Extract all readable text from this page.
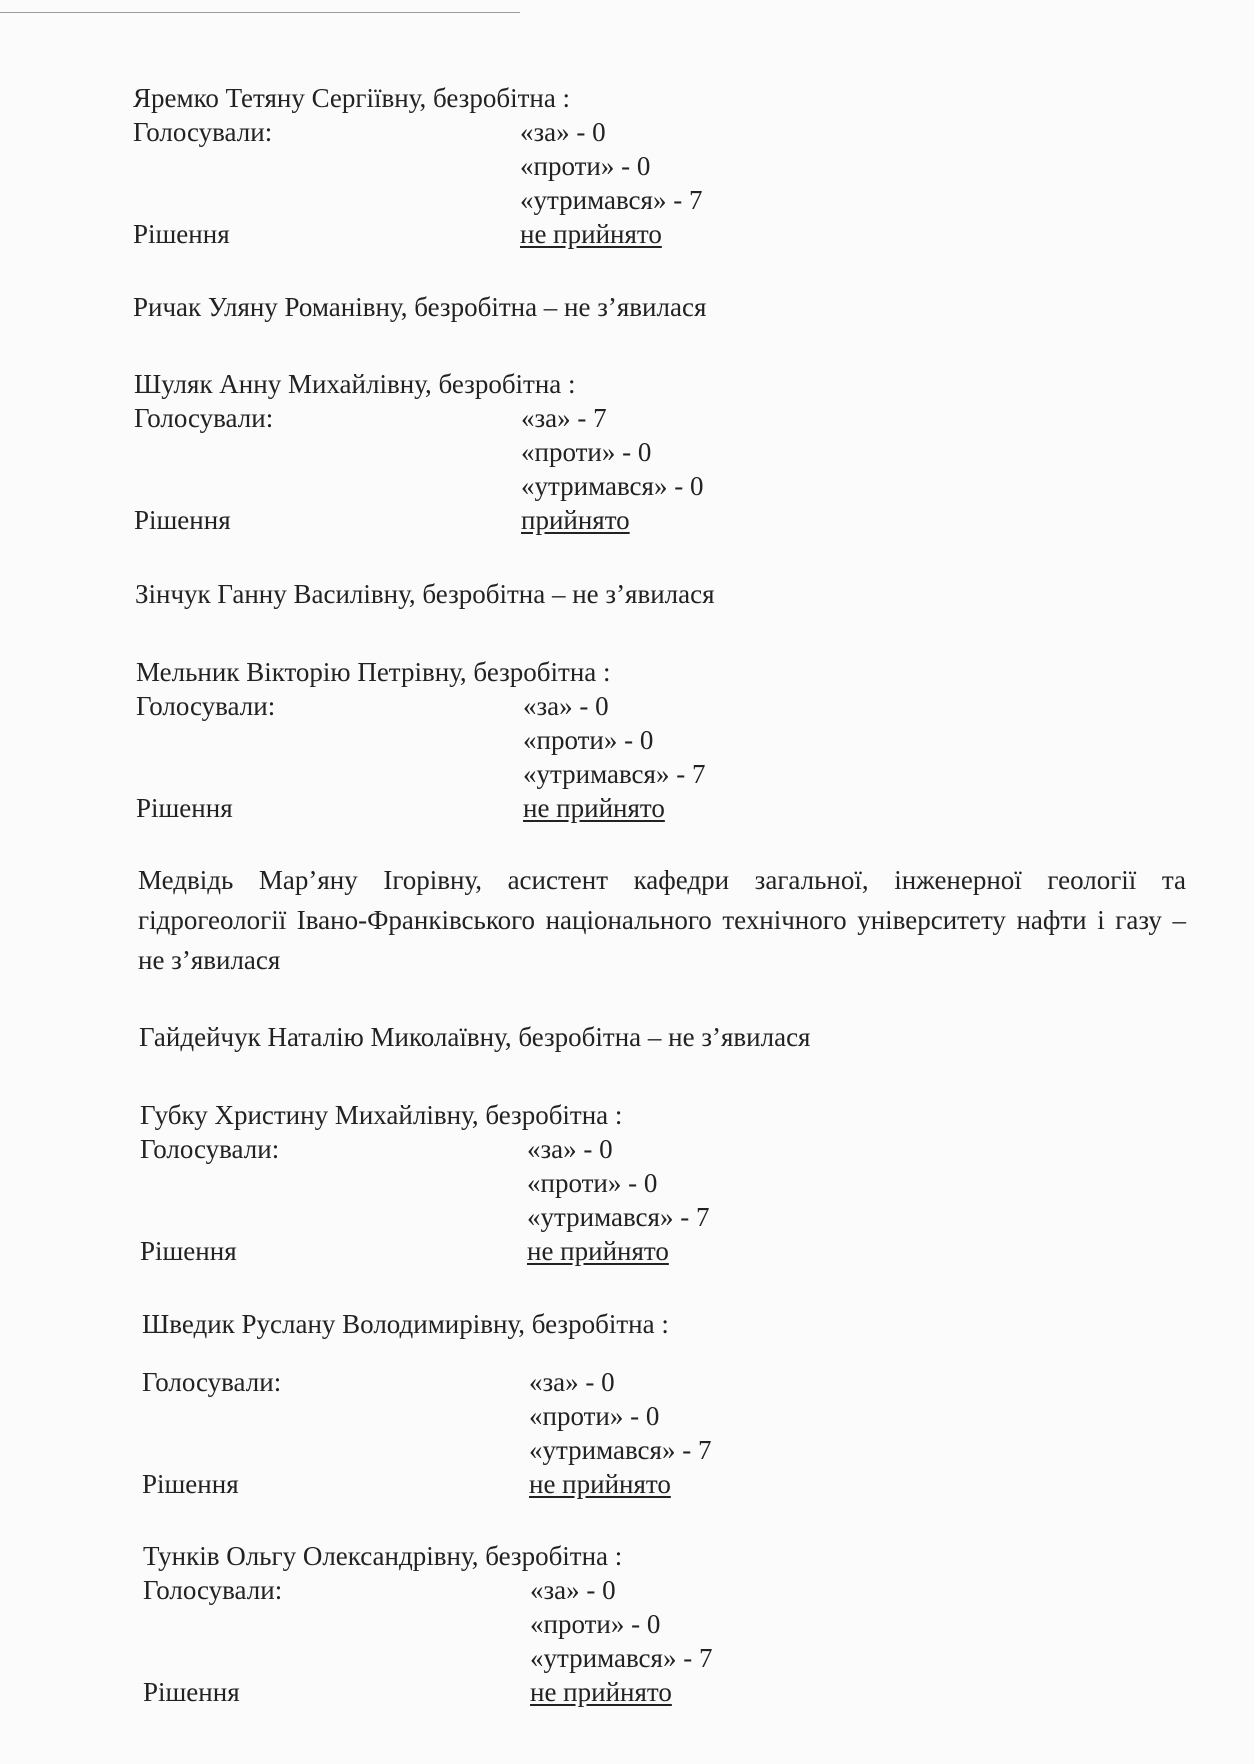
Яремко Тетяну Сергіївну, безробітна :
Голосували:	«за» - 0
«проти» - 0
«утримався» - 7
Рішення	не прийнято
Ричак Уляну Романівну, безробітна – не з’явилася
Шуляк Анну Михайлівну, безробітна :
Голосували:	«за» - 7
«проти» - 0
«утримався» - 0
Рішення	прийнято
Зінчук Ганну Василівну, безробітна – не з’явилася
Мельник Вікторію Петрівну, безробітна :
Голосували:	«за» - 0
«проти» - 0
«утримався» - 7
Рішення	не прийнято
Медвідь Мар’яну Ігорівну, асистент кафедри загальної, інженерної геології та гідрогеології Івано-Франківського національного технічного університету нафти і газу – не з’явилася
Гайдейчук Наталію Миколаївну, безробітна – не з’явилася
Губку Христину Михайлівну, безробітна :
Голосували:	«за» - 0
«проти» - 0
«утримався» - 7
Рішення	не прийнято
Шведик Руслану Володимирівну, безробітна :
Голосували:	«за» - 0
«проти» - 0
«утримався» - 7
Рішення	не прийнято
Тунків Ольгу Олександрівну, безробітна :
Голосували:	«за» - 0
«проти» - 0
«утримався» - 7
Рішення	не прийнято
